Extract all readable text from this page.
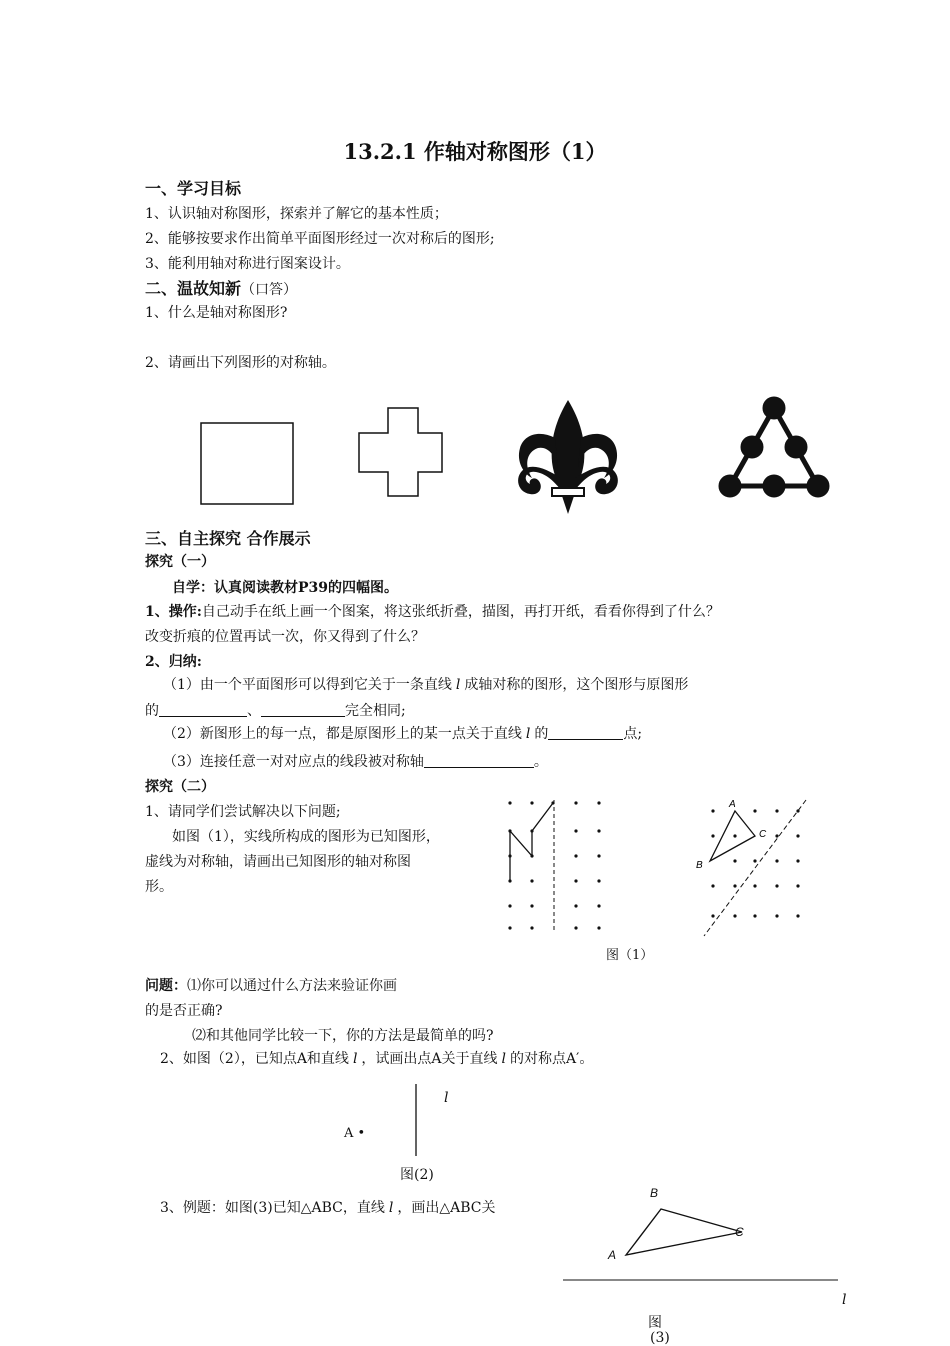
13.2.1 作轴对称图形（1）
一、学习目标
1、认识轴对称图形，探索并了解它的基本性质；
2、能够按要求作出简单平面图形经过一次对称后的图形;
3、能利用轴对称进行图案设计。
二、温故知新（口答）
1、什么是轴对称图形?
2、请画出下列图形的对称轴。
三、自主探究 合作展示
探究（一）
自学：认真阅读教材P39的四幅图。
1、操作:自己动手在纸上画一个图案，将这张纸折叠，描图，再打开纸，看看你得到了什么？
改变折痕的位置再试一次，你又得到了什么？
2、归纳:
（1）由一个平面图形可以得到它关于一条直线 l 成轴对称的图形，这个图形与原图形
的	、	完全相同;
（2）新图形上的每一点，都是原图形上的某一点关于直线 l 的	点;
（3）连接任意一对对应点的线段被对称轴	。
探究（二）
1、请同学们尝试解决以下问题;
如图（1），实线所构成的图形为已知图形，
虚线为对称轴，请画出已知图形的轴对称图
形。
A
C
B
图（1）
问题：⑴你可以通过什么方法来验证你画
的是否正确?
⑵和其他同学比较一下，你的方法是最简单的吗?
2、如图（2），已知点A和直线 l ，试画出点A关于直线 l 的对称点A′。
l
A •
图(2)
3、例题：如图(3)已知△ABC，直线 l ，画出△ABC关
B
A
C
l
图
(3)
